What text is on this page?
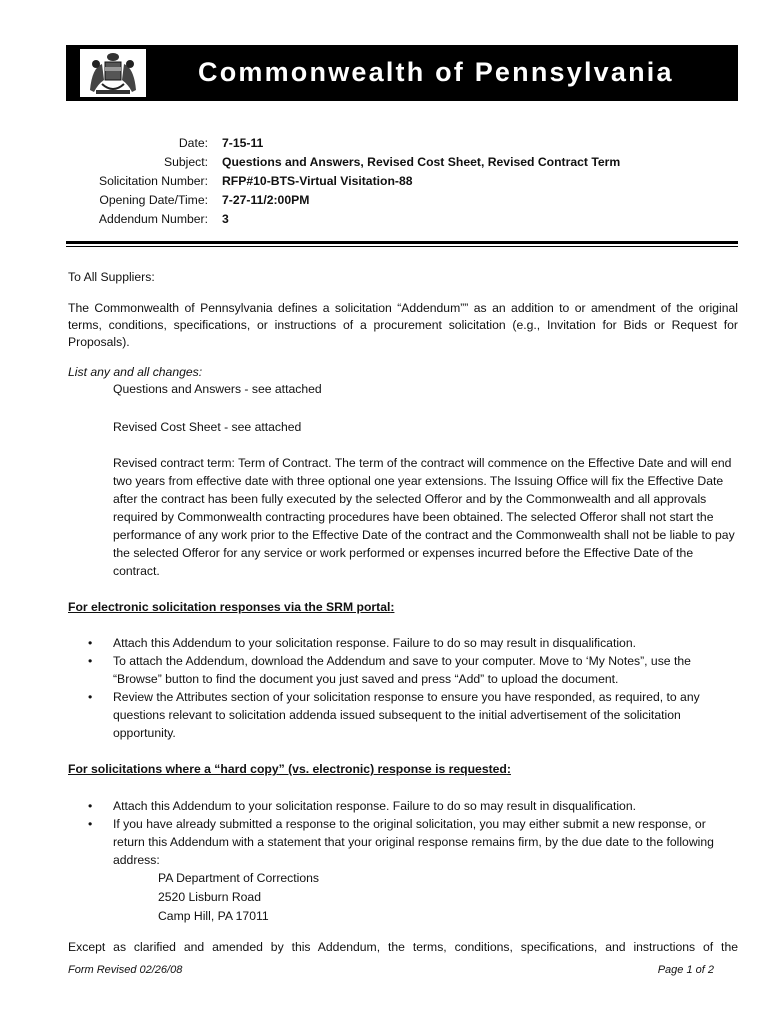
Commonwealth of Pennsylvania
Date: 7-15-11
Subject: Questions and Answers, Revised Cost Sheet, Revised Contract Term
Solicitation Number: RFP#10-BTS-Virtual Visitation-88
Opening Date/Time: 7-27-11/2:00PM
Addendum Number: 3
To All Suppliers:
The Commonwealth of Pennsylvania defines a solicitation “Addendum”” as an addition to or amendment of the original terms, conditions, specifications, or instructions of a procurement solicitation (e.g., Invitation for Bids or Request for Proposals).
List any and all changes:
Questions and Answers - see attached
Revised Cost Sheet - see attached
Revised contract term: Term of Contract. The term of the contract will commence on the Effective Date and will end two years from effective date with three optional one year extensions. The Issuing Office will fix the Effective Date after the contract has been fully executed by the selected Offeror and by the Commonwealth and all approvals required by Commonwealth contracting procedures have been obtained. The selected Offeror shall not start the performance of any work prior to the Effective Date of the contract and the Commonwealth shall not be liable to pay the selected Offeror for any service or work performed or expenses incurred before the Effective Date of the contract.
For electronic solicitation responses via the SRM portal:
• Attach this Addendum to your solicitation response. Failure to do so may result in disqualification.
• To attach the Addendum, download the Addendum and save to your computer. Move to ‘My Notes”, use the “Browse” button to find the document you just saved and press “Add” to upload the document.
• Review the Attributes section of your solicitation response to ensure you have responded, as required, to any questions relevant to solicitation addenda issued subsequent to the initial advertisement of the solicitation opportunity.
For solicitations where a “hard copy” (vs. electronic) response is requested:
• Attach this Addendum to your solicitation response. Failure to do so may result in disqualification.
• If you have already submitted a response to the original solicitation, you may either submit a new response, or return this Addendum with a statement that your original response remains firm, by the due date to the following address:
PA Department of Corrections
2520 Lisburn Road
Camp Hill, PA 17011
Except as clarified and amended by this Addendum, the terms, conditions, specifications, and instructions of the
Form Revised 02/26/08	Page 1 of 2
